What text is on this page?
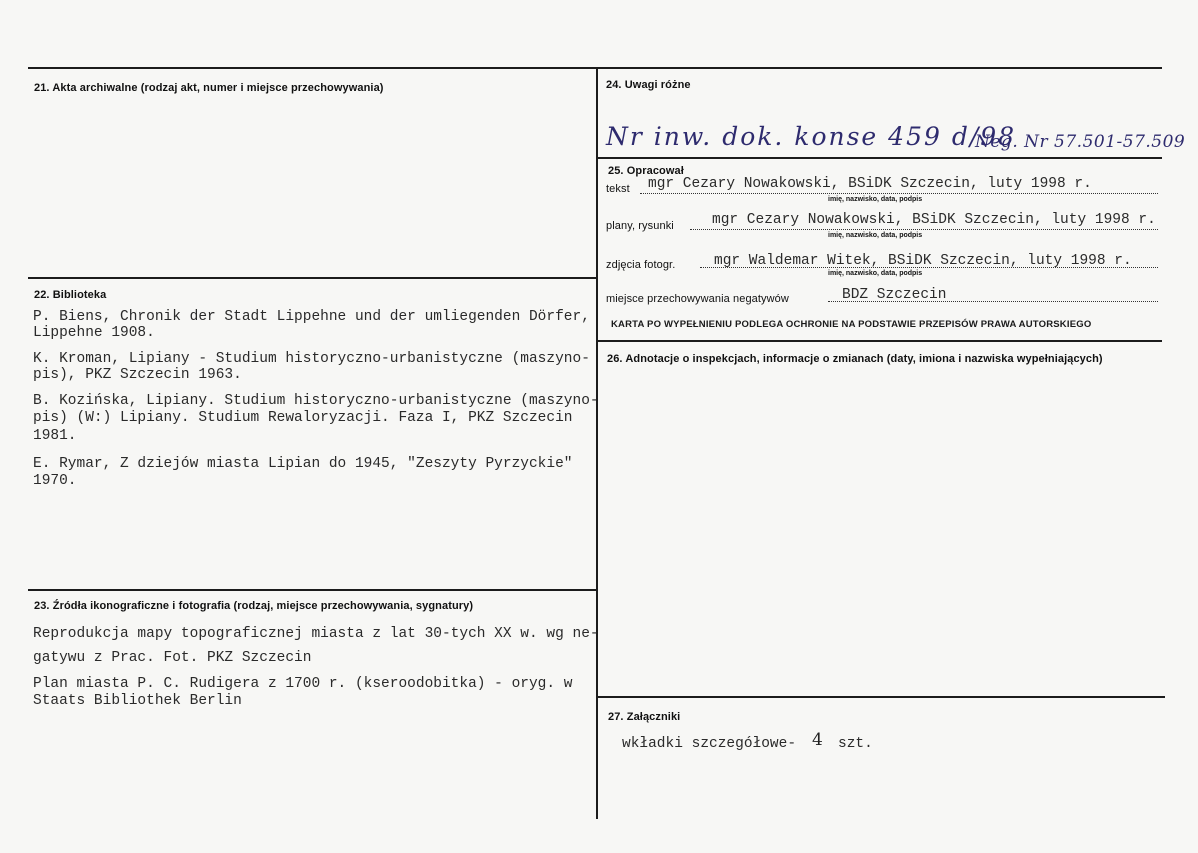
21. Akta archiwalne (rodzaj akt, numer i miejsce przechowywania)
22. Biblioteka
P. Biens, Chronik der Stadt Lippehne und der umliegenden Dörfer,
Lippehne 1908.
K. Kroman, Lipiany - Studium historyczno-urbanistyczne (maszyno-
pis), PKZ Szczecin 1963.
B. Kozińska, Lipiany. Studium historyczno-urbanistyczne (maszyno-
pis) (W:) Lipiany. Studium Rewaloryzacji. Faza I, PKZ Szczecin
1981.
E. Rymar, Z dziejów miasta Lipian do 1945, "Zeszyty Pyrzyckie"
1970.
23. Źródła ikonograficzne i fotografia (rodzaj, miejsce przechowywania, sygnatury)
Reprodukcja mapy topograficznej miasta z lat 30-tych XX w. wg ne-
gatywu z Prac. Fot. PKZ Szczecin
Plan miasta P. C. Rudigera z 1700 r. (kseroodobitka) - oryg. w
Staats Bibliothek Berlin
24. Uwagi różne
Nr inw. dok. konse 459 d/98
Neg. Nr 57.501-57.509
25. Opracował
tekst mgr Cezary Nowakowski, BSiDK Szczecin, luty 1998 r.
imię, nazwisko, data, podpis
plany, rysunki	mgr Cezary Nowakowski, BSiDK Szczecin, luty 1998 r.
imię, nazwisko, data, podpis
zdjęcia fotogr.	mgr Waldemar Witek, BSiDK Szczecin, luty 1998 r.
imię, nazwisko, data, podpis
miejsce przechowywania negatywów	BDZ Szczecin
KARTA PO WYPEŁNIENIU PODLEGA OCHRONIE NA PODSTAWIE PRZEPISÓW PRAWA AUTORSKIEGO
26. Adnotacje o inspekcjach, informacje o zmianach (daty, imiona i nazwiska wypełniających)
27. Załączniki
wkładki szczegółowe- 4 szt.
